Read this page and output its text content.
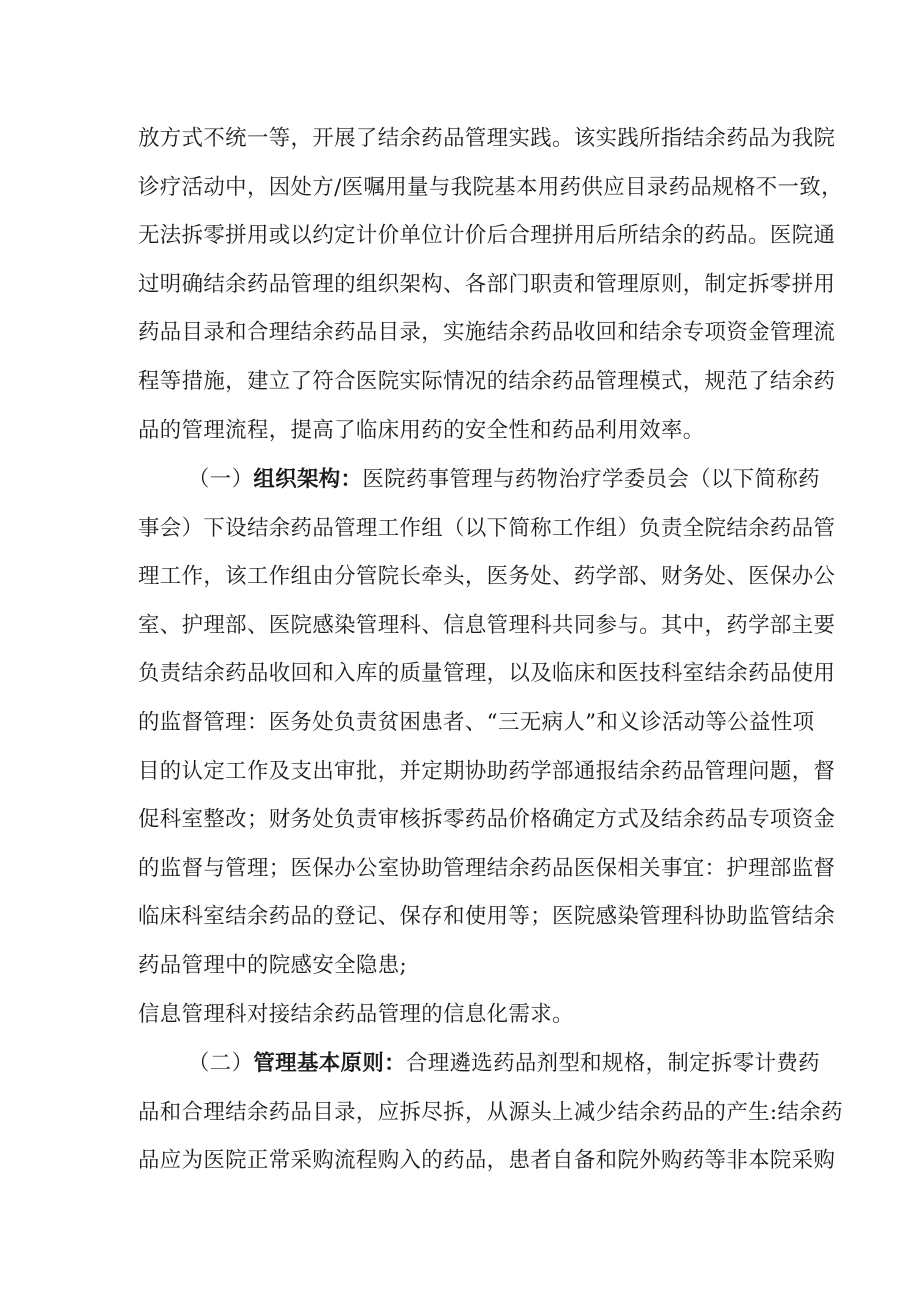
放方式不统一等，开展了结余药品管理实践。该实践所指结余药品为我院
诊疗活动中，因处方/医嘱用量与我院基本用药供应目录药品规格不一致，
无法拆零拼用或以约定计价单位计价后合理拼用后所结余的药品。医院通
过明确结余药品管理的组织架构、各部门职责和管理原则，制定拆零拼用
药品目录和合理结余药品目录，实施结余药品收回和结余专项资金管理流
程等措施，建立了符合医院实际情况的结余药品管理模式，规范了结余药
品的管理流程，提高了临床用药的安全性和药品利用效率。
（一）组织架构：医院药事管理与药物治疗学委员会（以下简称药
事会）下设结余药品管理工作组（以下简称工作组）负责全院结余药品管
理工作，该工作组由分管院长牵头，医务处、药学部、财务处、医保办公
室、护理部、医院感染管理科、信息管理科共同参与。其中，药学部主要
负责结余药品收回和入库的质量管理，以及临床和医技科室结余药品使用
的监督管理：医务处负责贫困患者、“三无病人”和义诊活动等公益性项
目的认定工作及支出审批，并定期协助药学部通报结余药品管理问题，督
促科室整改；财务处负责审核拆零药品价格确定方式及结余药品专项资金
的监督与管理；医保办公室协助管理结余药品医保相关事宜：护理部监督
临床科室结余药品的登记、保存和使用等；医院感染管理科协助监管结余
药品管理中的院感安全隐患;
信息管理科对接结余药品管理的信息化需求。
（二）管理基本原则：合理遴选药品剂型和规格，制定拆零计费药
品和合理结余药品目录，应拆尽拆，从源头上减少结余药品的产生:结余药
品应为医院正常采购流程购入的药品，患者自备和院外购药等非本院采购
